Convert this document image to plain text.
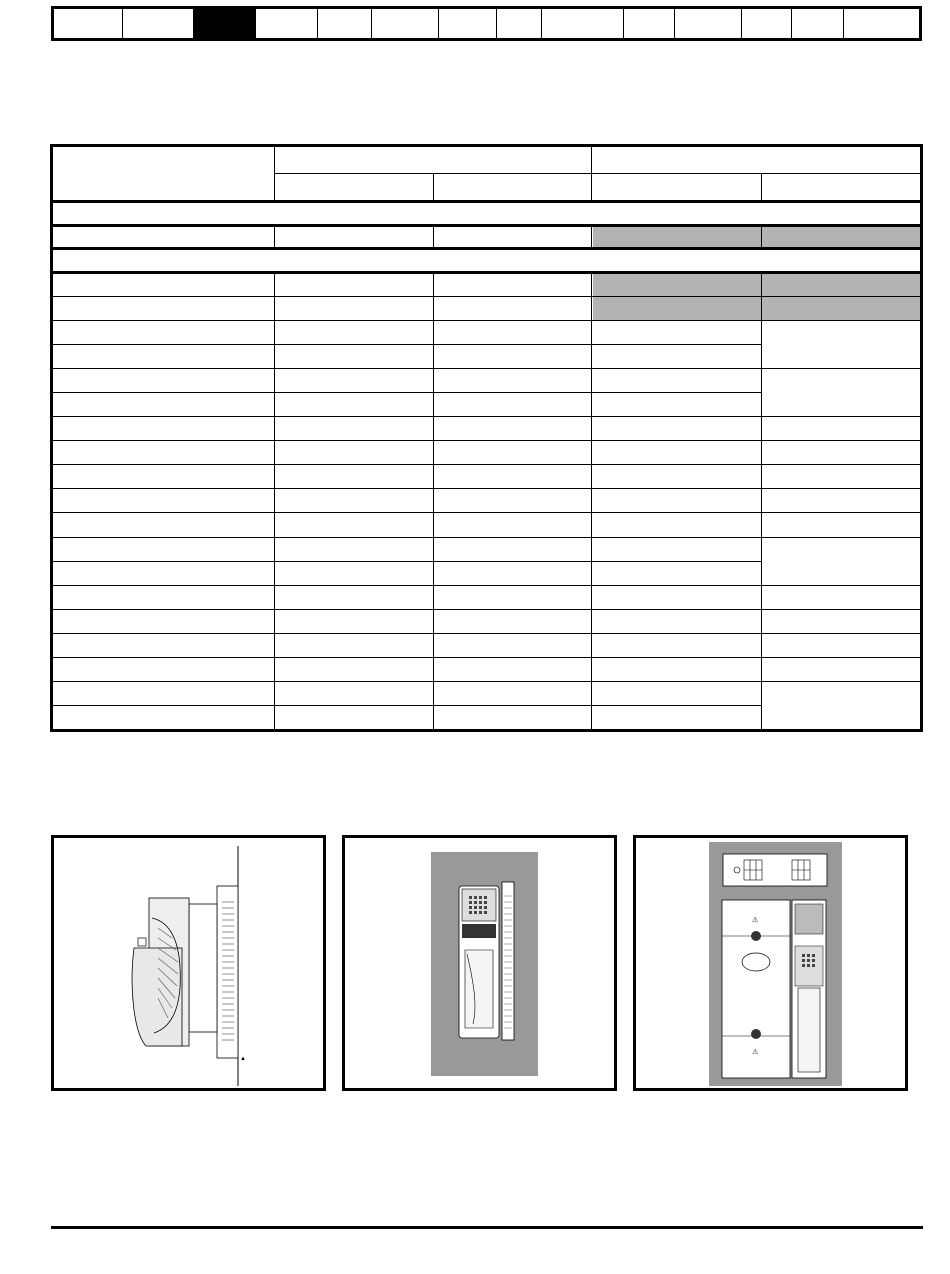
▲
⚠
⚠
